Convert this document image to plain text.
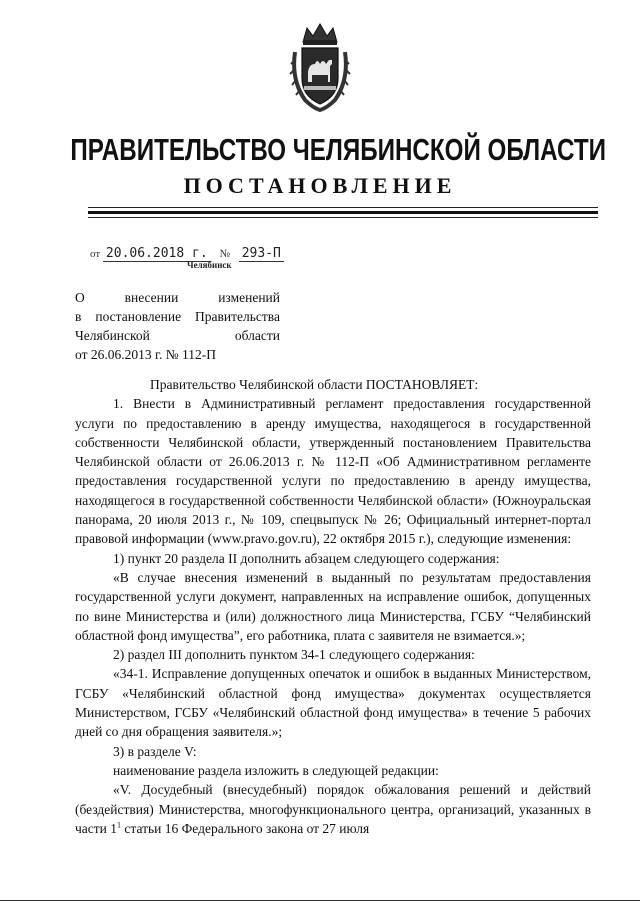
ПРАВИТЕЛЬСТВО ЧЕЛЯБИНСКОЙ ОБЛАСТИ
ПОСТАНОВЛЕНИЕ
от 20.06.2018 г. № 293-П
Челябинск
О внесении изменений
в постановление Правительства
Челябинской области
от 26.06.2013 г. № 112-П

Правительство Челябинской области ПОСТАНОВЛЯЕТ:

1. Внести в Административный регламент предоставления государственной услуги по предоставлению в аренду имущества, находящегося в государственной собственности Челябинской области, утвержденный постановлением Правительства Челябинской области от 26.06.2013 г. № 112-П «Об Административном регламенте предоставления государственной услуги по предоставлению в аренду имущества, находящегося в государственной собственности Челябинской области» (Южноуральская панорама, 20 июля 2013 г., № 109, спецвыпуск № 26; Официальный интернет-портал правовой информации (www.pravo.gov.ru), 22 октября 2015 г.), следующие изменения:

1) пункт 20 раздела II дополнить абзацем следующего содержания:

«В случае внесения изменений в выданный по результатам предоставления государственной услуги документ, направленных на исправление ошибок, допущенных по вине Министерства и (или) должностного лица Министерства, ГСБУ “Челябинский областной фонд имущества”, его работника, плата с заявителя не взимается.»;

2) раздел III дополнить пунктом 34-1 следующего содержания:

«34-1. Исправление допущенных опечаток и ошибок в выданных Министерством, ГСБУ «Челябинский областной фонд имущества» документах осуществляется Министерством, ГСБУ «Челябинский областной фонд имущества» в течение 5 рабочих дней со дня обращения заявителя.»;

3) в разделе V:

наименование раздела изложить в следующей редакции:

«V. Досудебный (внесудебный) порядок обжалования решений и действий (бездействия) Министерства, многофункционального центра, организаций, указанных в части $1^1$ статьи 16 Федерального закона от 27 июля
